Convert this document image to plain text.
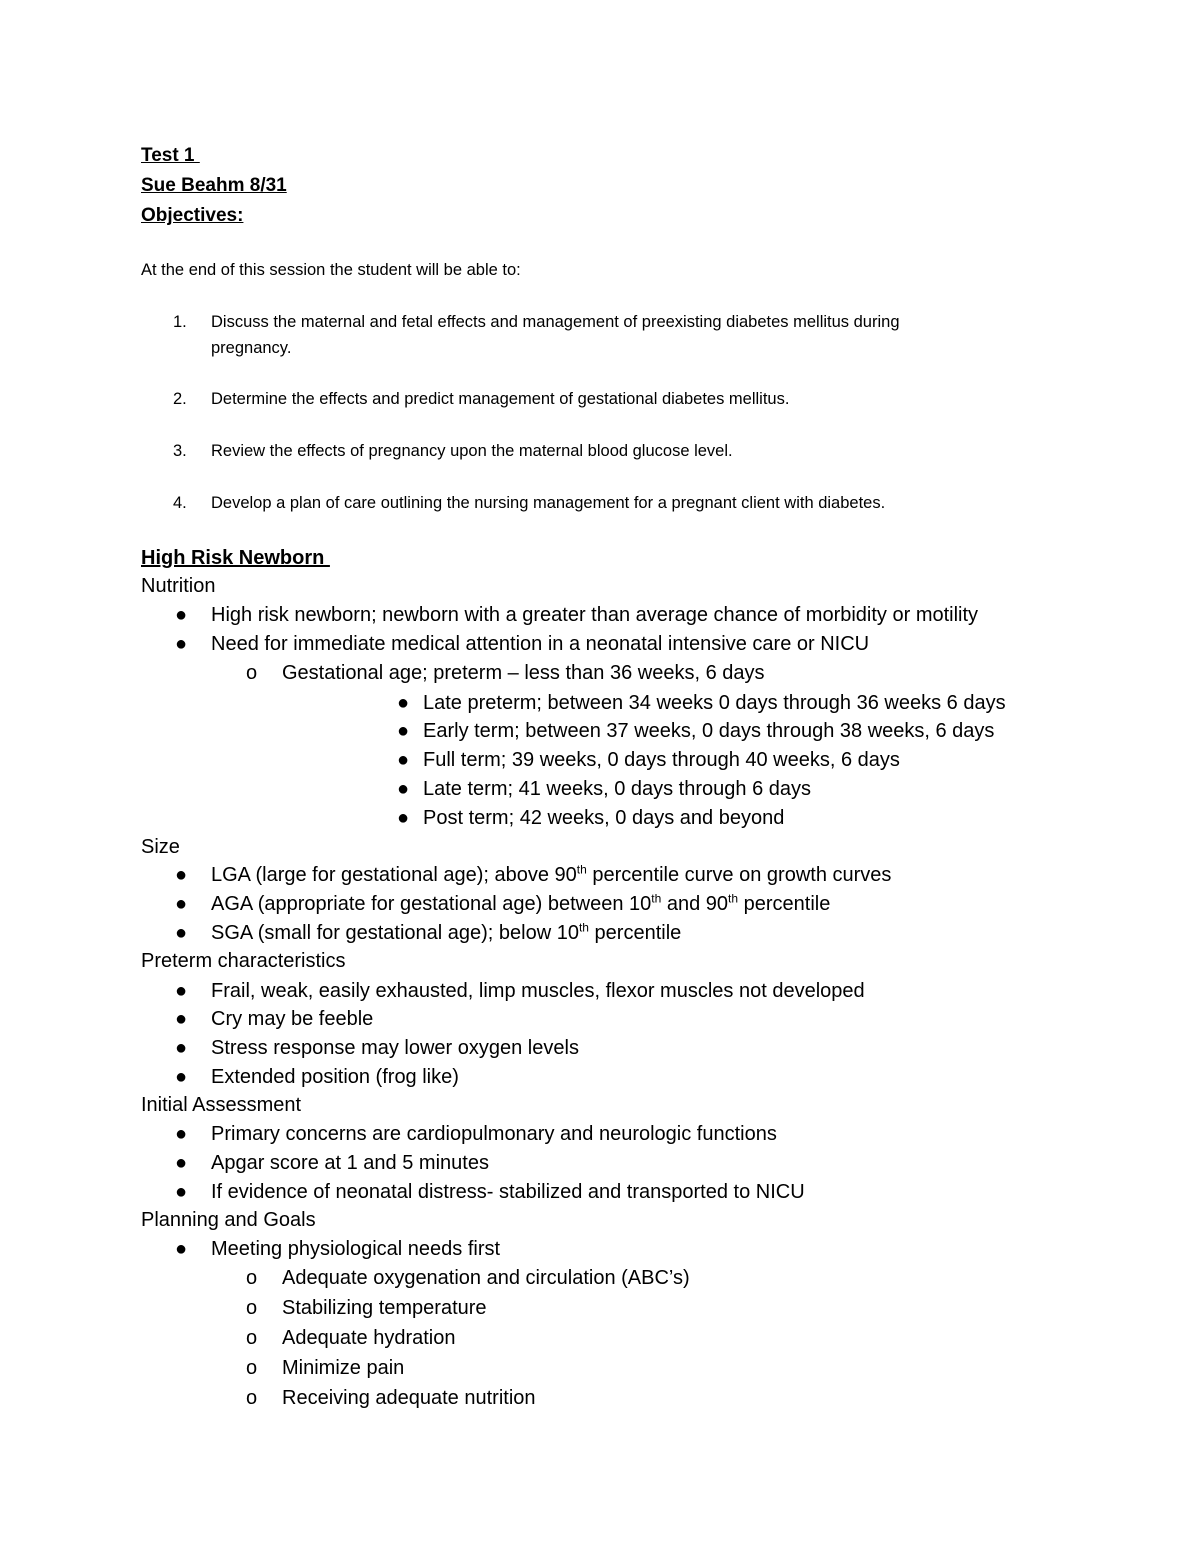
Test 1
Sue Beahm 8/31
Objectives:
At the end of this session the student will be able to:
1. Discuss the maternal and fetal effects and management of preexisting diabetes mellitus during
pregnancy.
2. Determine the effects and predict management of gestational diabetes mellitus.
3. Review the effects of pregnancy upon the maternal blood glucose level.
4. Develop a plan of care outlining the nursing management for a pregnant client with diabetes.
High Risk Newborn
Nutrition
● High risk newborn; newborn with a greater than average chance of morbidity or motility
● Need for immediate medical attention in a neonatal intensive care or NICU
o Gestational age; preterm – less than 36 weeks, 6 days
● Late preterm; between 34 weeks 0 days through 36 weeks 6 days
● Early term; between 37 weeks, 0 days through 38 weeks, 6 days
● Full term; 39 weeks, 0 days through 40 weeks, 6 days
● Late term; 41 weeks, 0 days through 6 days
● Post term; 42 weeks, 0 days and beyond
Size
● LGA (large for gestational age); above 90th percentile curve on growth curves
● AGA (appropriate for gestational age) between 10th and 90th percentile
● SGA (small for gestational age); below 10th percentile
Preterm characteristics
● Frail, weak, easily exhausted, limp muscles, flexor muscles not developed
● Cry may be feeble
● Stress response may lower oxygen levels
● Extended position (frog like)
Initial Assessment
● Primary concerns are cardiopulmonary and neurologic functions
● Apgar score at 1 and 5 minutes
● If evidence of neonatal distress- stabilized and transported to NICU
Planning and Goals
● Meeting physiological needs first
o Adequate oxygenation and circulation (ABC’s)
o Stabilizing temperature
o Adequate hydration
o Minimize pain
o Receiving adequate nutrition
